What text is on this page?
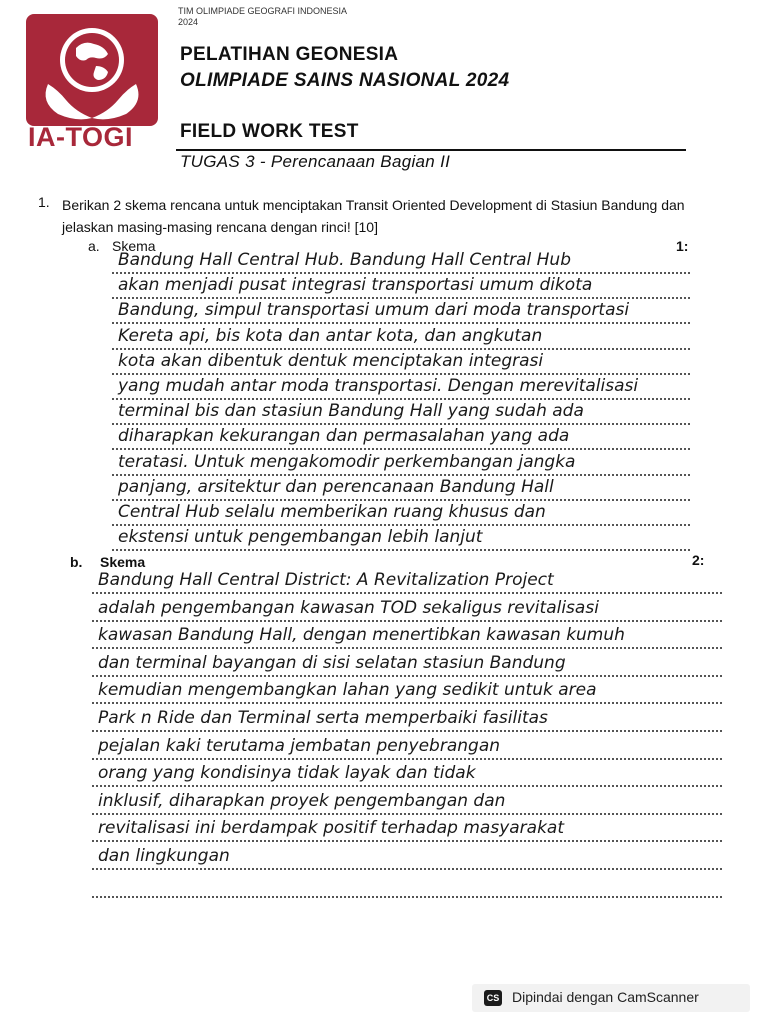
IA-TOGI
TIM OLIMPIADE GEOGRAFI INDONESIA
2024
PELATIHAN GEONESIA
OLIMPIADE SAINS NASIONAL 2024
FIELD WORK TEST
TUGAS 3 - Perencanaan Bagian II
1. Berikan 2 skema rencana untuk menciptakan Transit Oriented Development di Stasiun Bandung dan jelaskan masing-masing rencana dengan rinci! [10]
a. Skema	1:
Bandung Hall Central Hub. Bandung Hall Central Hub
akan menjadi pusat integrasi transportasi umum dikota
Bandung, simpul transportasi umum dari moda transportasi
Kereta api, bis kota dan antar kota, dan angkutan
kota akan dibentuk dentuk menciptakan integrasi
yang mudah antar moda transportasi. Dengan merevitalisasi
terminal bis dan stasiun Bandung Hall yang sudah ada
diharapkan kekurangan dan permasalahan yang ada
teratasi. Untuk mengakomodir perkembangan jangka
panjang, arsitektur dan perencanaan Bandung Hall
Central Hub selalu memberikan ruang khusus dan
ekstensi untuk pengembangan lebih lanjut
b. Skema	2:
Bandung Hall Central District: A Revitalization Project
adalah pengembangan kawasan TOD sekaligus revitalisasi
kawasan Bandung Hall, dengan menertibkan kawasan kumuh
dan terminal bayangan di sisi selatan stasiun Bandung
kemudian mengembangkan lahan yang sedikit untuk area
Park n Ride dan Terminal serta memperbaiki fasilitas
pejalan kaki terutama jembatan penyebrangan
orang yang kondisinya tidak layak dan tidak
inklusif, diharapkan proyek pengembangan dan
revitalisasi ini berdampak positif terhadap masyarakat
dan lingkungan
CS Dipindai dengan CamScanner
